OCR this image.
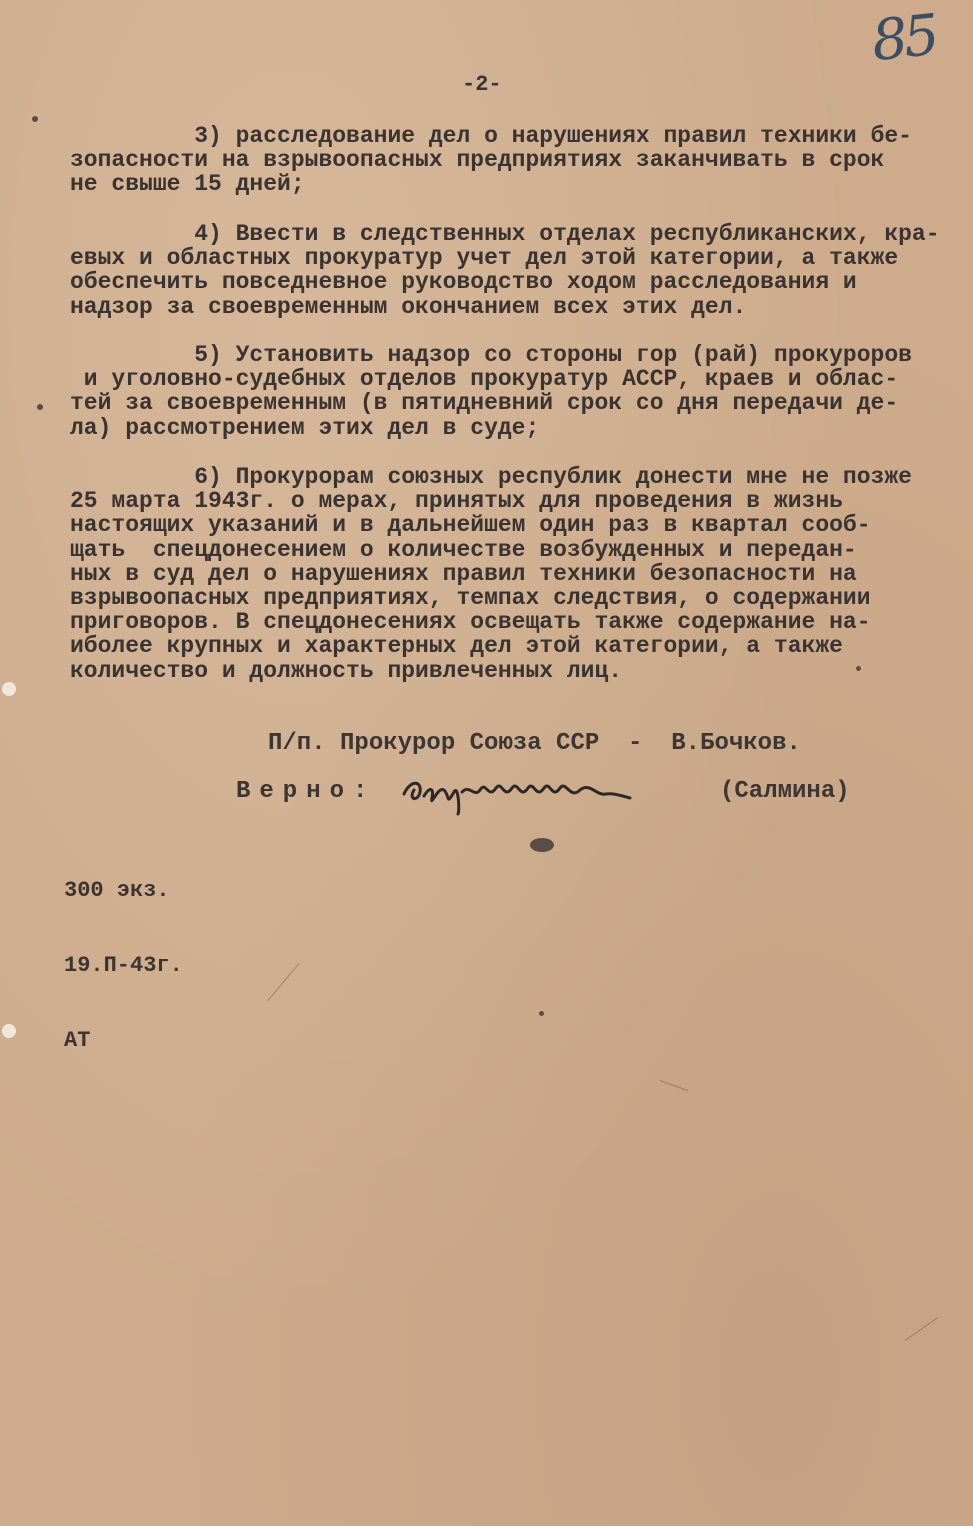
85
-2-
3) расследование дел о нарушениях правил техники бе-
зопасности на взрывоопасных предприятиях заканчивать в срок
не свыше 15 дней;
4) Ввести в следственных отделах республиканских, кра-
евых и областных прокуратур учет дел этой категории, а также
обеспечить повседневное руководство ходом расследования и
надзор за своевременным окончанием всех этих дел.
5) Установить надзор со стороны гор (рай) прокуроров
и уголовно-судебных отделов прокуратур АССР, краев и облас-
тей за своевременным (в пятидневний срок со дня передачи де-
ла) рассмотрением этих дел в суде;
6) Прокурорам союзных республик донести мне не позже
25 марта 1943г. о мерах, принятых для проведения в жизнь
настоящих указаний и в дальнейшем один раз в квартал сооб-
щать  спецдонесением о количестве возбужденных и передан-
ных в суд дел о нарушениях правил техники безопасности на
взрывоопасных предприятиях, темпах следствия, о содержании
приговоров. В спецдонесениях освещать также содержание на-
иболее крупных и характерных дел этой категории, а также
количество и должность привлеченных лиц.
П/п. Прокурор Союза ССР  -  В.Бочков.
Верно:	(Салмина)

300 экз.

19.П-43г.

АТ
